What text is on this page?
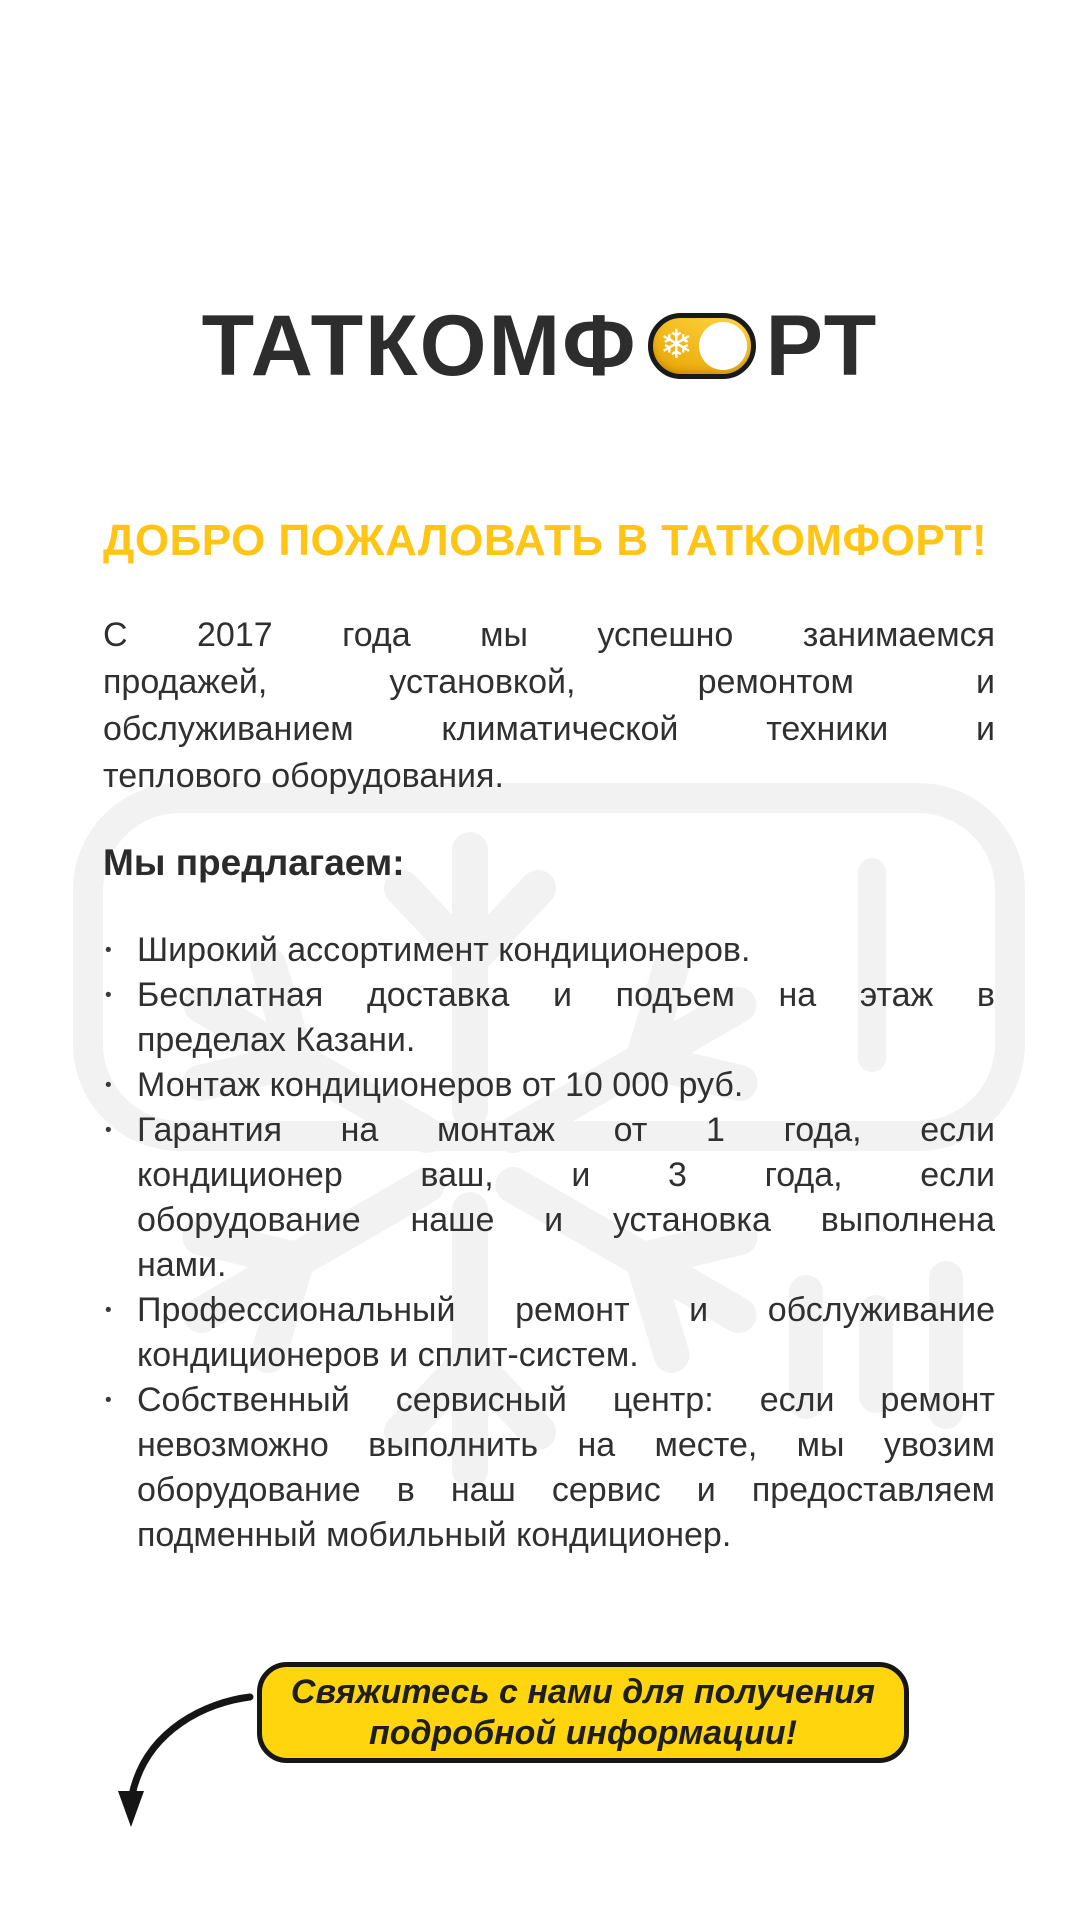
ТАТКОМФ ❄ РТ
ДОБРО ПОЖАЛОВАТЬ В ТАТКОМФОРТ!
С 2017 года мы успешно занимаемся
продажей, установкой, ремонтом и
обслуживанием климатической техники и
теплового оборудования.
Мы предлагаем:
• Широкий ассортимент кондиционеров.
• Бесплатная доставка и подъем на этаж в
пределах Казани.
• Монтаж кондиционеров от 10 000 руб.
• Гарантия на монтаж от 1 года, если
кондиционер ваш, и 3 года, если
оборудование наше и установка выполнена
нами.
• Профессиональный ремонт и обслуживание
кондиционеров и сплит-систем.
• Собственный сервисный центр: если ремонт
невозможно выполнить на месте, мы увозим
оборудование в наш сервис и предоставляем
подменный мобильный кондиционер.
Свяжитесь с нами для получения
подробной информации!
